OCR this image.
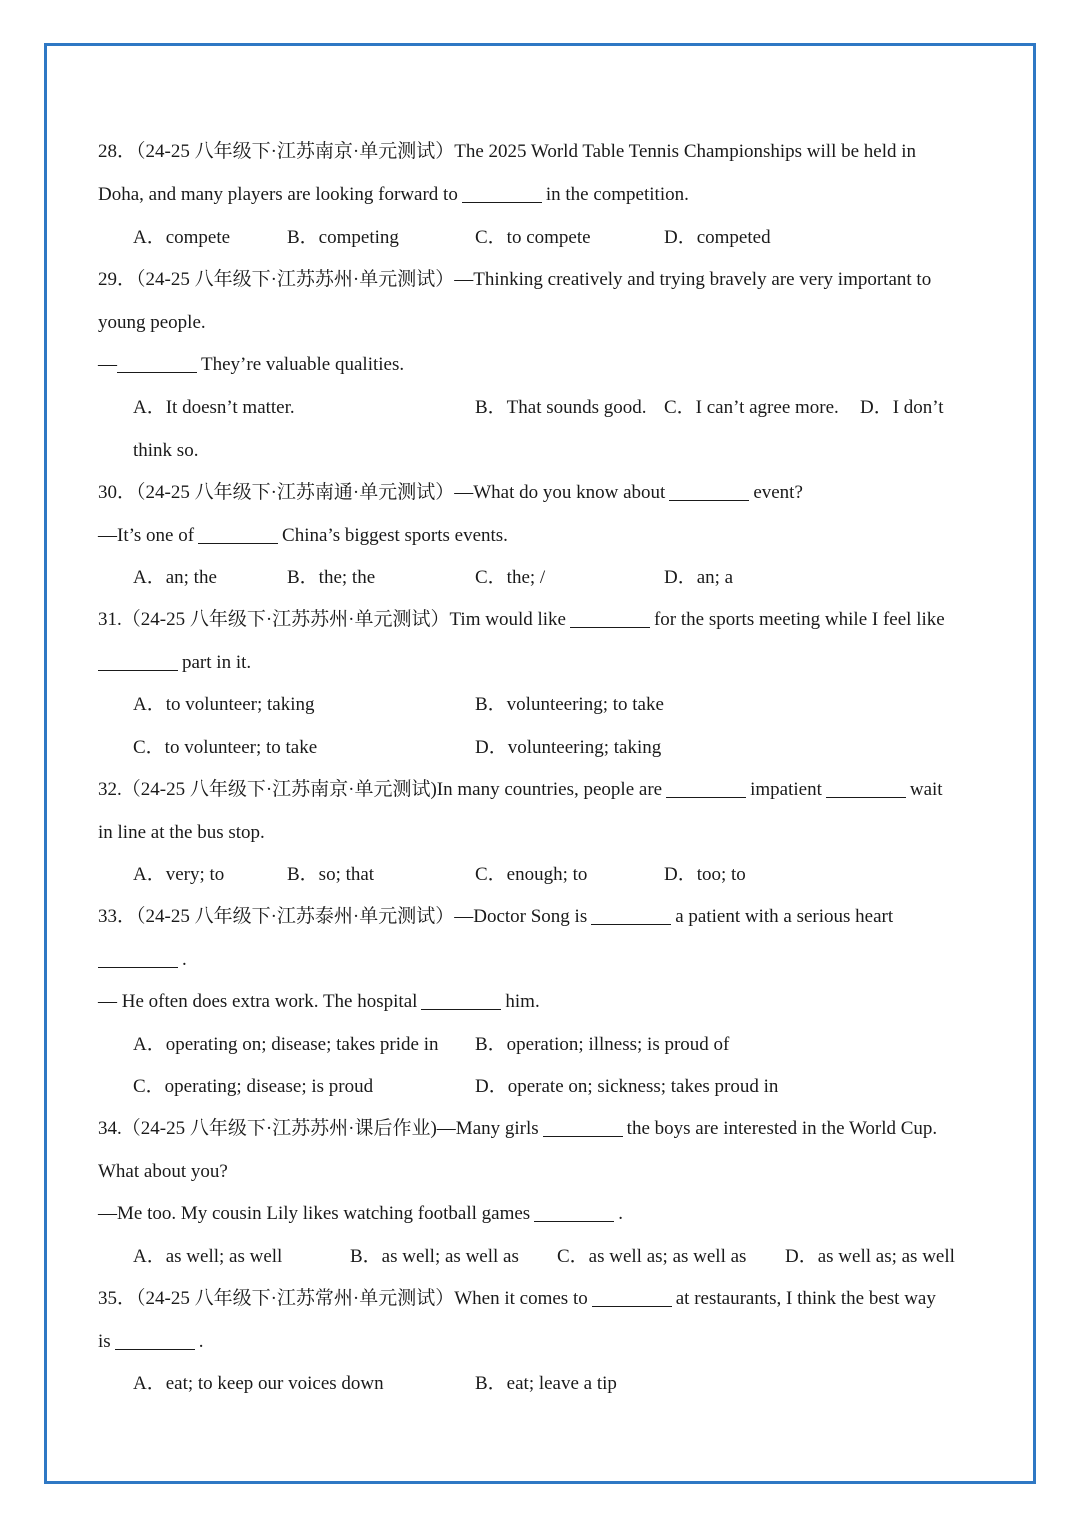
28．（24-25 八年级下·江苏南京·单元测试）The 2025 World Table Tennis Championships will be held in
Doha, and many players are looking forward to	in the competition.
A．compete	B．competing	C．to compete	D．competed
29．（24-25 八年级下·江苏苏州·单元测试）—Thinking creatively and trying bravely are very important to
young people.
—	They’re valuable qualities.
A．It doesn’t matter.	B．That sounds good. C．I can’t agree more. D．I don’t
think so.
30．（24-25 八年级下·江苏南通·单元测试）—What do you know about	event?
—It’s one of	China’s biggest sports events.
A．an; the	B．the; the	C．the; /	D．an; a
31.（24-25 八年级下·江苏苏州·单元测试）Tim would like	for the sports meeting while I feel like
part in it.
A．to volunteer; taking	B．volunteering; to take
C．to volunteer; to take	D．volunteering; taking
32.（24-25 八年级下·江苏南京·单元测试)In many countries, people are	impatient	wait
in line at the bus stop.
A．very; to	B．so; that	C．enough; to	D．too; to
33．（24-25 八年级下·江苏泰州·单元测试）—Doctor Song is	a patient with a serious heart
.
— He often does extra work. The hospital	him.
A．operating on; disease; takes pride in B．operation; illness; is proud of
C．operating; disease; is proud	D．operate on; sickness; takes proud in
34.（24-25 八年级下·江苏苏州·课后作业)—Many girls	the boys are interested in the World Cup.
What about you?
—Me too. My cousin Lily likes watching football games	.
A．as well; as well	B．as well; as well as C．as well as; as well as D．as well as; as well
35．（24-25 八年级下·江苏常州·单元测试）When it comes to	at restaurants, I think the best way
is	.
A．eat; to keep our voices down	B．eat; leave a tip
